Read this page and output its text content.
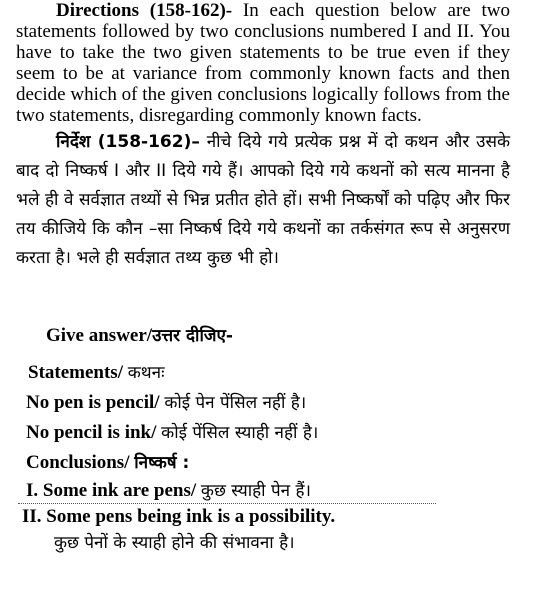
Directions (158-162)- In each question below are two statements followed by two conclusions numbered I and II. You have to take the two given statements to be true even if they seem to be at variance from commonly known facts and then decide which of the given conclusions logically follows from the two statements, disregarding commonly known facts.

निर्देश (158-162)– नीचे दिये गये प्रत्येक प्रश्न में दो कथन और उसके बाद दो निष्कर्ष I और II दिये गये हैं। आपको दिये गये कथनों को सत्य मानना है भले ही वे सर्वज्ञात तथ्यों से भिन्न प्रतीत होते हों। सभी निष्कर्षों को पढ़िए और फिर तय कीजिये कि कौन –सा निष्कर्ष दिये गये कथनों का तर्कसंगत रूप से अनुसरण करता है। भले ही सर्वज्ञात तथ्य कुछ भी हो।

Give answer/उत्तर दीजिए-
Statements/ कथनः
No pen is pencil/ कोई पेन पेंसिल नहीं है।
No pencil is ink/ कोई पेंसिल स्याही नहीं है।
Conclusions/ निष्कर्ष :
I. Some ink are pens/ कुछ स्याही पेन हैं।
II. Some pens being ink is a possibility.
कुछ पेनों के स्याही होने की संभावना है।
